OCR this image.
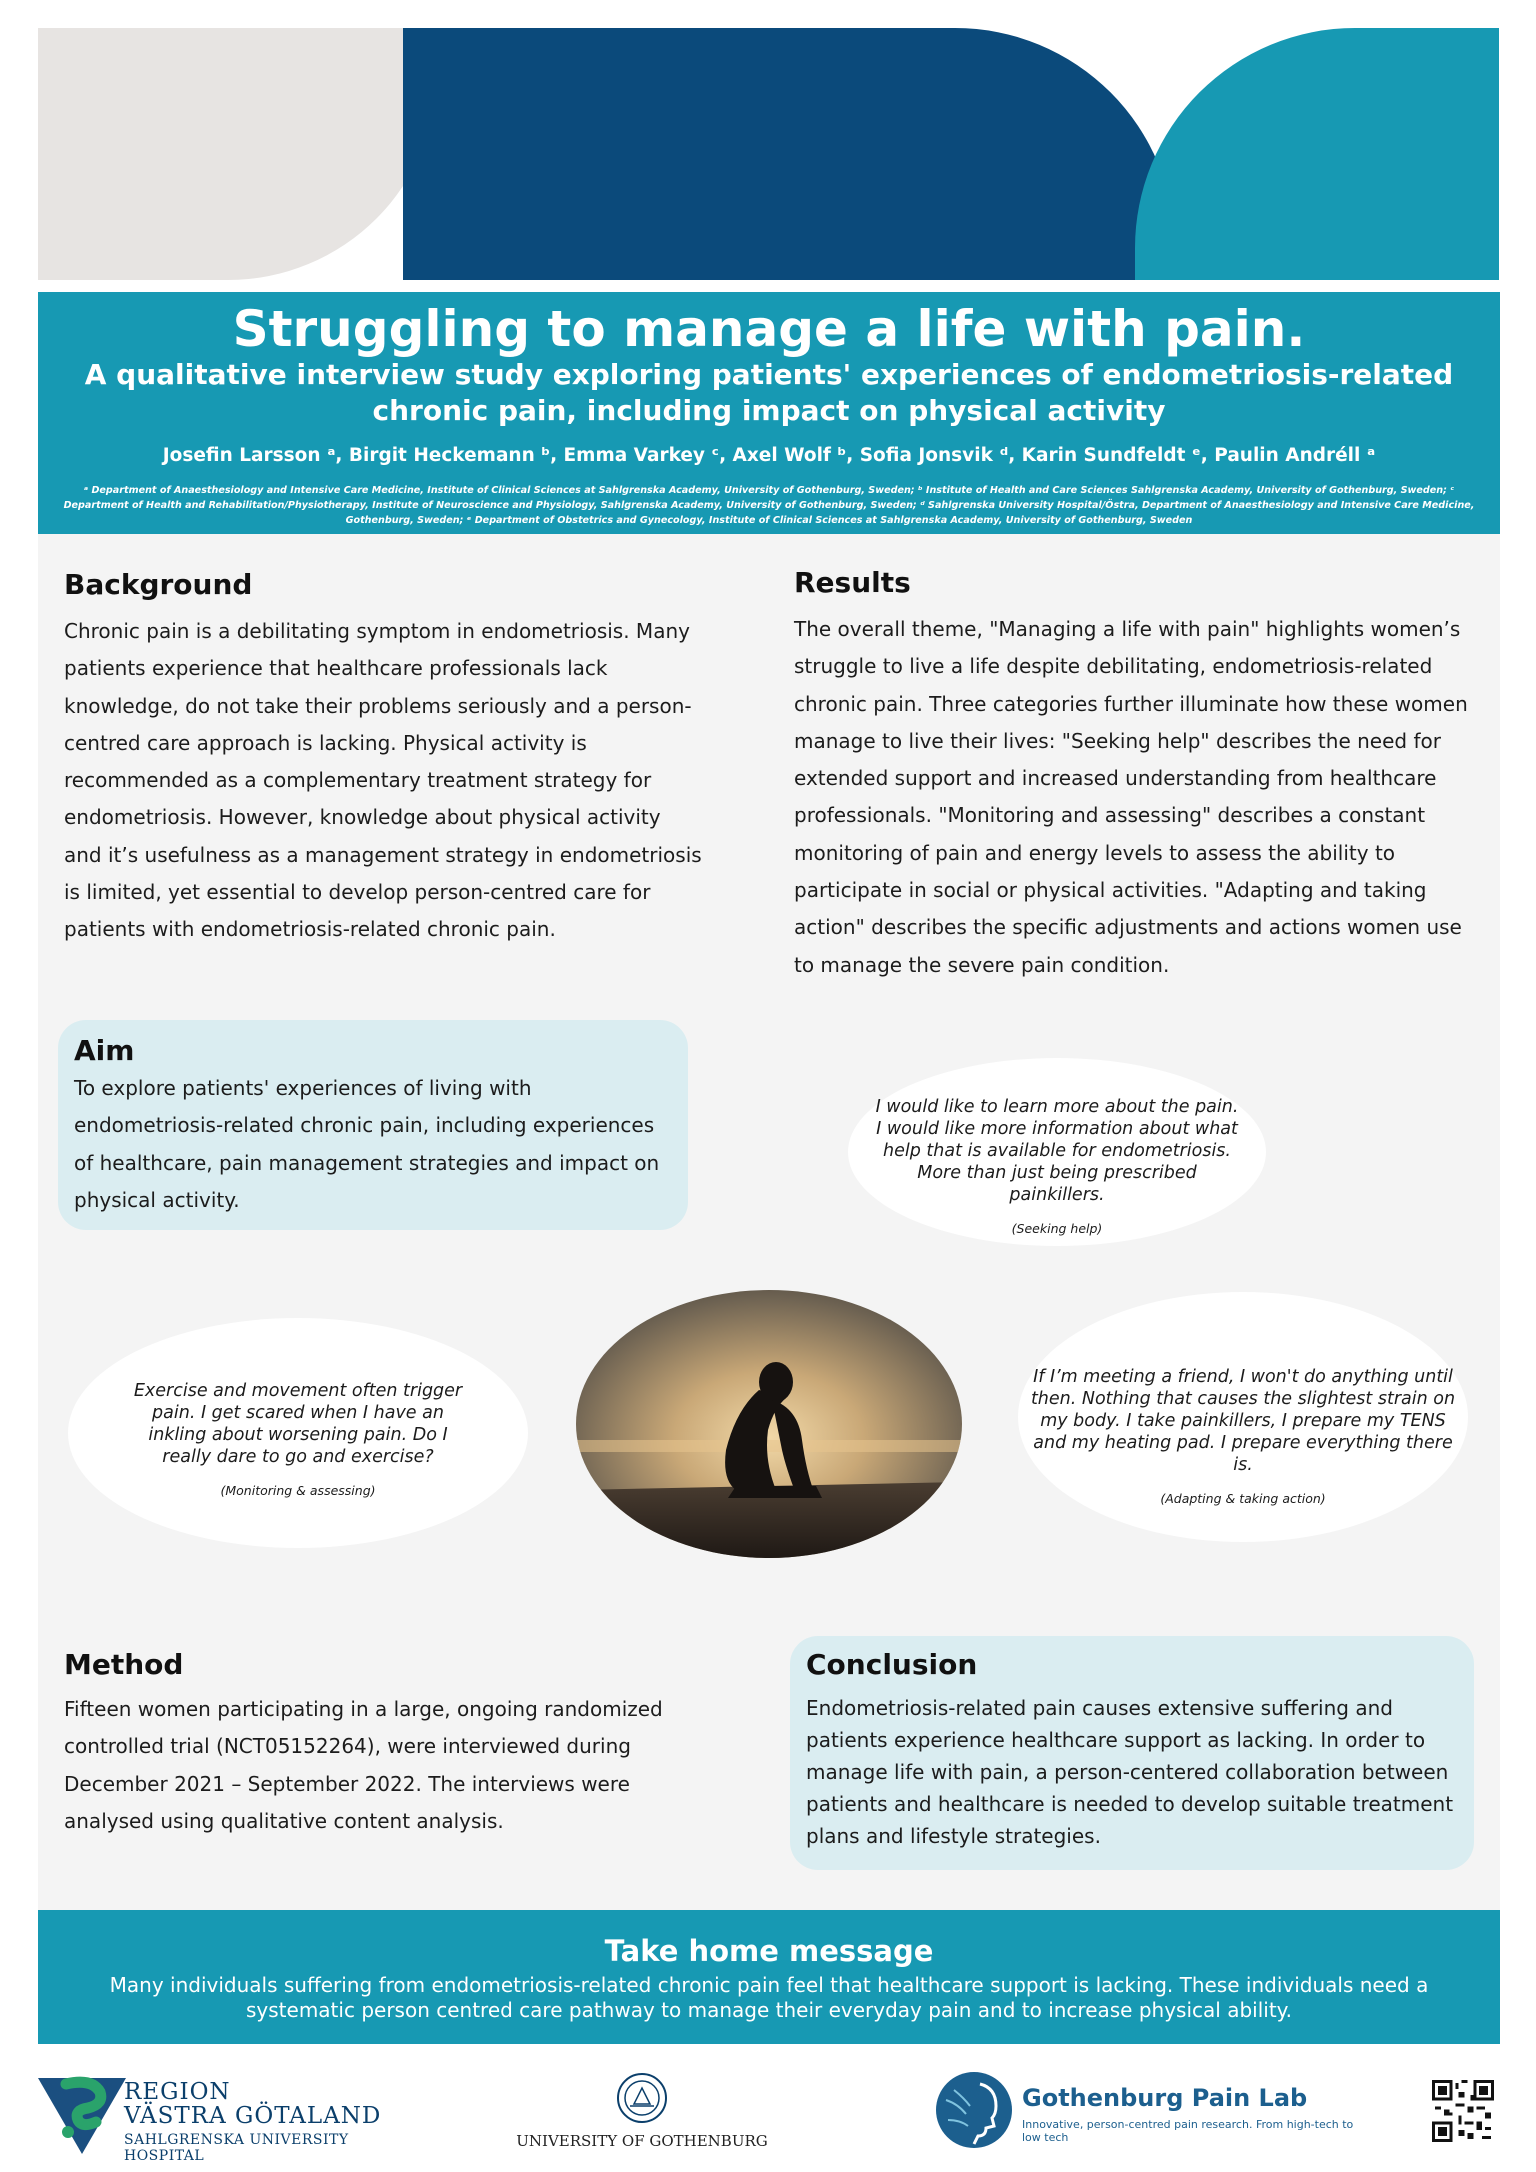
Struggling to manage a life with pain.
A qualitative interview study exploring patients' experiences of endometriosis-related chronic pain, including impact on physical activity
Josefin Larsson ᵃ, Birgit Heckemann ᵇ, Emma Varkey ᶜ, Axel Wolf ᵇ, Sofia Jonsvik ᵈ, Karin Sundfeldt ᵉ, Paulin Andréll ᵃ
ᵃ Department of Anaesthesiology and Intensive Care Medicine, Institute of Clinical Sciences at Sahlgrenska Academy, University of Gothenburg, Sweden; ᵇ Institute of Health and Care Sciences Sahlgrenska Academy, University of Gothenburg, Sweden; ᶜ Department of Health and Rehabilitation/Physiotherapy, Institute of Neuroscience and Physiology, Sahlgrenska Academy, University of Gothenburg, Sweden; ᵈ Sahlgrenska University Hospital/Östra, Department of Anaesthesiology and Intensive Care Medicine, Gothenburg, Sweden; ᵉ Department of Obstetrics and Gynecology, Institute of Clinical Sciences at Sahlgrenska Academy, University of Gothenburg, Sweden
Background
Chronic pain is a debilitating symptom in endometriosis. Many patients experience that healthcare professionals lack knowledge, do not take their problems seriously and a person-centred care approach is lacking. Physical activity is recommended as a complementary treatment strategy for endometriosis. However, knowledge about physical activity and it’s usefulness as a management strategy in endometriosis is limited, yet essential to develop person-centred care for patients with endometriosis-related chronic pain.
Results
The overall theme, "Managing a life with pain" highlights women’s struggle to live a life despite debilitating, endometriosis-related chronic pain. Three categories further illuminate how these women manage to live their lives: "Seeking help" describes the need for extended support and increased understanding from healthcare professionals. "Monitoring and assessing" describes a constant monitoring of pain and energy levels to assess the ability to participate in social or physical activities. "Adapting and taking action" describes the specific adjustments and actions women use to manage the severe pain condition.
Aim
To explore patients' experiences of living with endometriosis-related chronic pain, including experiences of healthcare, pain management strategies and impact on physical activity.
I would like to learn more about the pain. I would like more information about what help that is available for endometriosis. More than just being prescribed painkillers.
(Seeking help)
Exercise and movement often trigger pain. I get scared when I have an inkling about worsening pain. Do I really dare to go and exercise?
(Monitoring & assessing)
If I’m meeting a friend, I won't do anything until then. Nothing that causes the slightest strain on my body. I take painkillers, I prepare my TENS and my heating pad. I prepare everything there is.
(Adapting & taking action)
Method
Fifteen women participating in a large, ongoing randomized controlled trial (NCT05152264), were interviewed during December 2021 – September 2022. The interviews were analysed using qualitative content analysis.
Conclusion
Endometriosis-related pain causes extensive suffering and patients experience healthcare support as lacking. In order to manage life with pain, a person-centered collaboration between patients and healthcare is needed to develop suitable treatment plans and lifestyle strategies.
Take home message

Many individuals suffering from endometriosis-related chronic pain feel that healthcare support is lacking. These individuals need a systematic person centred care pathway to manage their everyday pain and to increase physical ability.

REGION
VÄSTRA GÖTALAND
SAHLGRENSKA UNIVERSITY HOSPITAL
UNIVERSITY OF GOTHENBURG
Gothenburg Pain Lab
Innovative, person-centred pain research. From high-tech to low tech
